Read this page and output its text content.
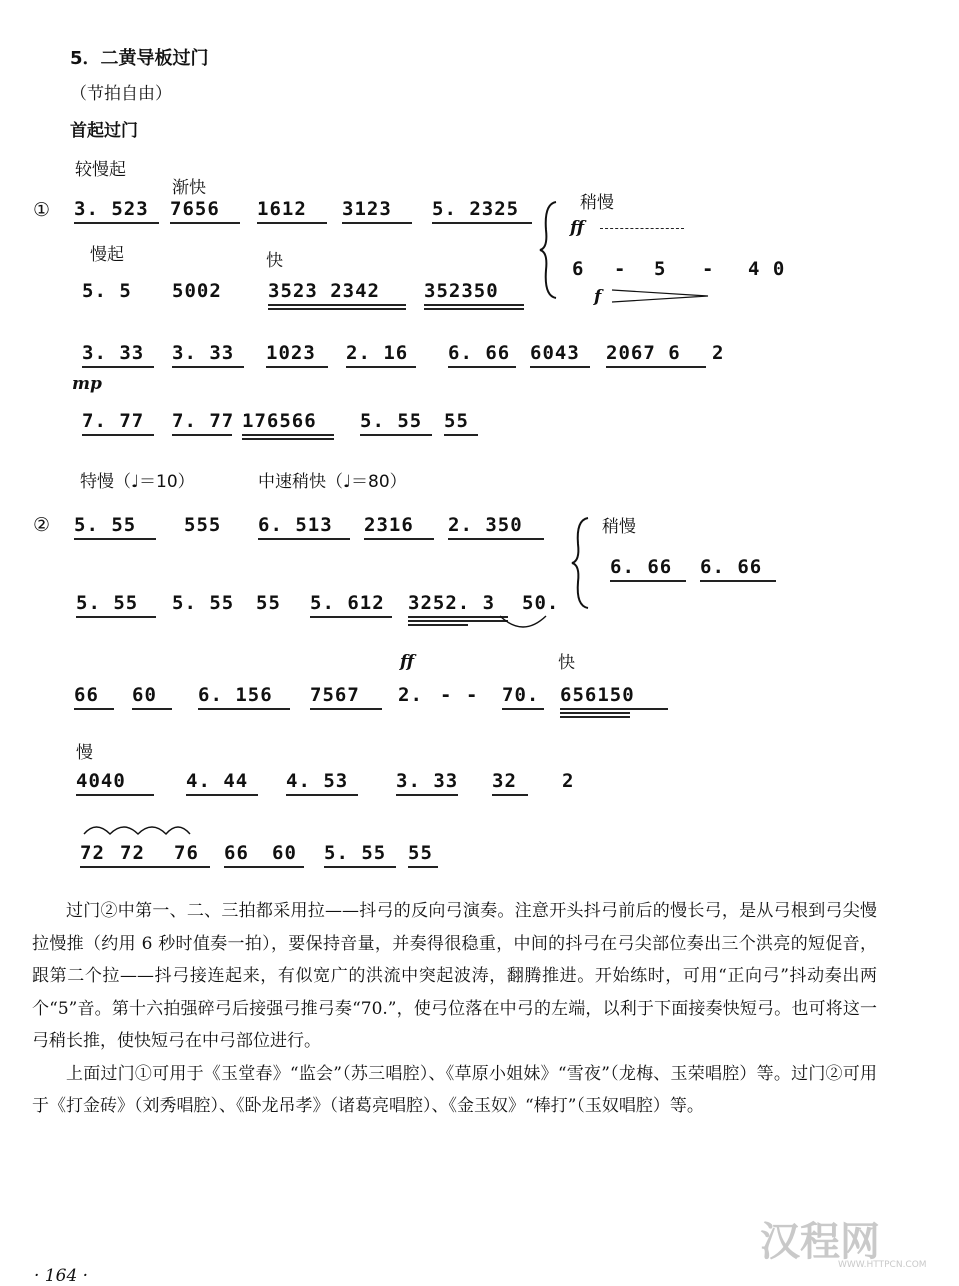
5．二黄导板过门
（节拍自由）
首起过门
较慢起
渐快
① 3. 523 7656 1612 3123 5. 2325
慢起	快
5. 5 5002 3523 2342 352350
稍慢
ff
6 - 5 - 4 0
f
3. 33 3. 33 1023 2. 16 6. 66 6043 2067 6 2
mp
7. 77 7. 77 176566 5. 55 55
特慢（♩＝10）	中速稍快（♩＝80）
② 5. 55	555 6. 513 2316 2. 350	稍慢
6. 66 6. 66
5. 55 5. 55 55 5. 612 3252. 3 50.
快
ff
66 60 6. 156 7567 2. - - 70. 656150
慢
4040	4. 44 4. 53	3. 33 32 2
72 72 76 66 60 5. 55 55

过门②中第一、二、三拍都采用拉——抖弓的反向弓演奏。注意开头抖弓前后的慢长弓，是从弓根到弓尖慢拉慢推（约用 6 秒时值奏一拍），要保持音量，并奏得很稳重，中间的抖弓在弓尖部位奏出三个洪亮的短促音，跟第二个拉——抖弓接连起来，有似宽广的洪流中突起波涛，翻腾推进。开始练时，可用“正向弓”抖动奏出两个“5”音。第十六拍强碎弓后接强弓推弓奏“70.”，使弓位落在中弓的左端，以利于下面接奏快短弓。也可将这一弓稍长推，使快短弓在中弓部位进行。

上面过门①可用于《玉堂春》“监会”（苏三唱腔）、《草原小姐妹》“雪夜”（龙梅、玉荣唱腔）等。过门②可用于《打金砖》（刘秀唱腔）、《卧龙吊孝》（诸葛亮唱腔）、《金玉奴》“棒打”（玉奴唱腔）等。

· 164 ·
汉程网
WWW.HTTPCN.COM
